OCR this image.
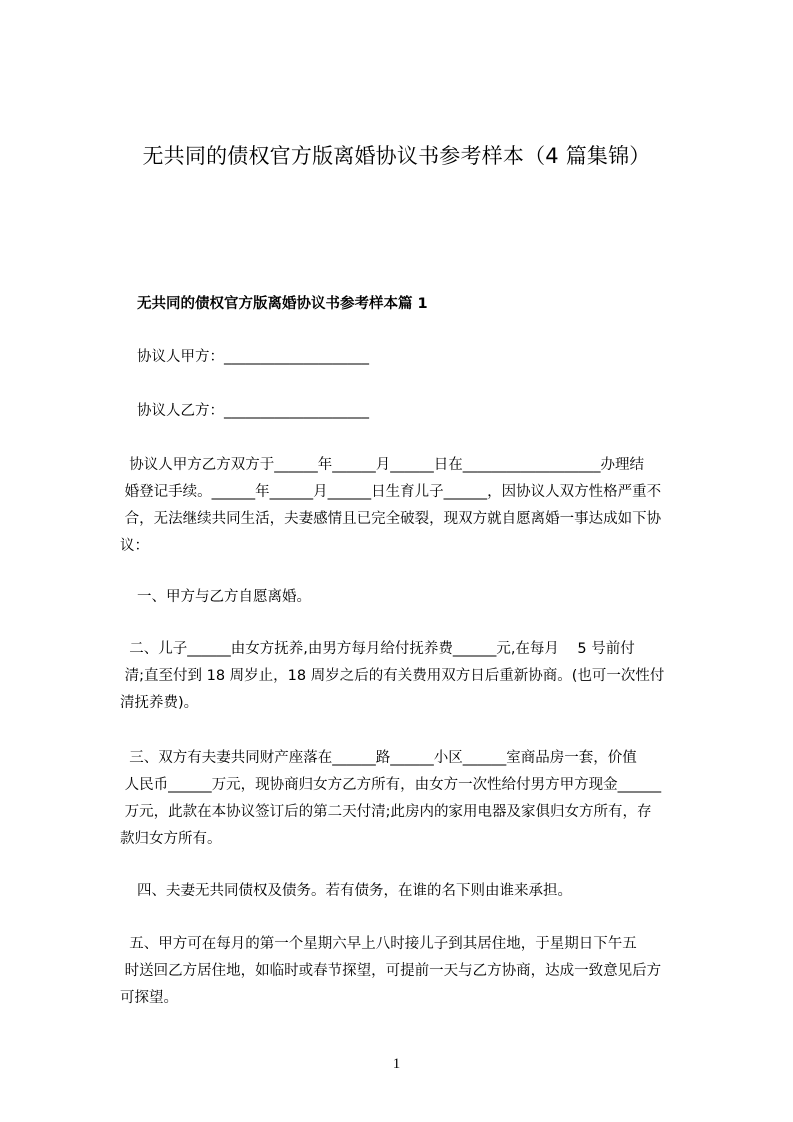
无共同的债权官方版离婚协议书参考样本（4 篇集锦）
无共同的债权官方版离婚协议书参考样本篇 1
协议人甲方：____________________
协议人乙方：____________________
协议人甲方乙方双方于______年______月______日在___________________办理结
婚登记手续。______年______月______日生育儿子______，因协议人双方性格严重不
合，无法继续共同生活，夫妻感情且已完全破裂，现双方就自愿离婚一事达成如下协
议：
一、甲方与乙方自愿离婚。
二、儿子______由女方抚养,由男方每月给付抚养费______元,在每月    5 号前付
清;直至付到 18 周岁止，18 周岁之后的有关费用双方日后重新协商。(也可一次性付
清抚养费)。
三、双方有夫妻共同财产座落在______路______小区______室商品房一套，价值
人民币______万元，现协商归女方乙方所有，由女方一次性给付男方甲方现金______
万元，此款在本协议签订后的第二天付清;此房内的家用电器及家俱归女方所有，存
款归女方所有。
四、夫妻无共同债权及债务。若有债务，在谁的名下则由谁来承担。
五、甲方可在每月的第一个星期六早上八时接儿子到其居住地，于星期日下午五
时送回乙方居住地，如临时或春节探望，可提前一天与乙方协商，达成一致意见后方
可探望。
1
